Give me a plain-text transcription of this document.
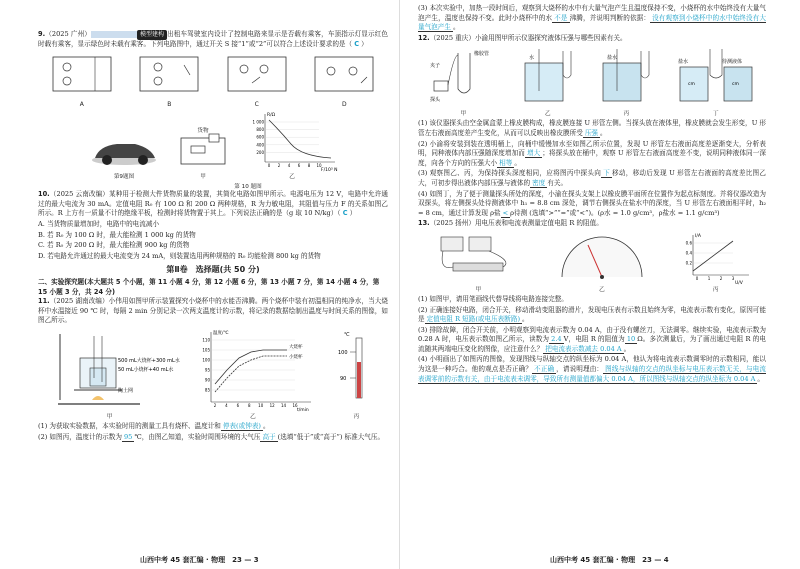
9.（2025 广州）	模型建构 出租车驾驶室内设计了控制电路来显示是否载有乘客，车顶指示灯显示红色时载有乘客，显示绿色时未载有乘客。下列电路图中，通过开关 S 接“1”或“2”可以符合上述设计要求的是（ C ）

A	B	C	D
第9题图
货物
甲
R/Ω
F/10³ N
1 000
800
600
400
200
0 2 4 6 8 10
乙
第 10 题图

10.（2025 云南改编）某种用于检测大件货物质量的装置，其简化电路如图甲所示。电源电压为 12 V，电路中允许通过的最大电流为 30 mA。定值电阻 R₀ 有 100 Ω 和 200 Ω 两种规格，R 为力敏电阻，其阻值与压力 F 的关系如图乙所示。R 上方有一质量不计的绝缘平板，检测时将货物置于其上。下列说法正确的是（g 取 10 N/kg）（ C ）

A. 当货物质量增加时，电路中的电流减小

B. 若 R₀ 为 100 Ω 时，最大能检测 1 000 kg 的货物

C. 若 R₀ 为 200 Ω 时，最大能检测 900 kg 的货物

D. 若电路允许通过的最大电流变为 24 mA，则装置选用两种规格的 R₀ 均能检测 800 kg 的货物

第Ⅱ卷　选择题(共 50 分)
二、实验探究题(本大题共 5 个小题，第 11 小题 4 分，第 12 小题 6 分，第 13 小题 7 分，第 14 小题 4 分，第 15 小题 3 分，共 24 分)

11.（2025 湖南改编）小伟用如图甲所示装置探究小烧杯中的水能否沸腾。两个烧杯中装有初温相同的纯净水，当大烧杯中水温接近 90 ℃ 时，每隔 2 min 分别记录一次两支温度计的示数，将记录的数据绘制出温度与时间关系的图像，如图乙所示。

500 mL大烧杯+300 mL水
50 mL小烧杯+40 mL水
陶土网
甲
温度/℃
t/min
110
105
100
95
90
85
2 4 6 8 10 12 14 16
大烧杯
小烧杯
乙
℃
100
90
丙

(1) 为获取实验数据，本实验时用的测量工具有烧杯、温度计和 停表(或钟表) 。

(2) 如图丙，温度计的示数为 95 ℃，由图乙知道，实验时周围环境的大气压 高于 (选填“低于”或“高于”) 标准大气压。

山西中考 45 套汇编 · 物理　23 — 3

(3) 本次实验中，加热一段时间后，观察到大烧杯的水中有大量气泡产生且温度保持不变，小烧杯的水中始终没有大量气泡产生，温度也保持不变。此时小烧杯中的水 不是 沸腾，并说明判断的依据： 没有观察到小烧杯中的水中始终没有大量气泡产生 。

12.（2025 重庆）小渝用图甲所示仪器探究液体压强与哪些因素有关。

橡胶管
夹子
探头
甲
水
乙
盐水
丙
盐水	待测液体
cm	cm
丁

(1) 该仪器探头由空金属盒蒙上橡皮膜构成，橡皮膜连接 U 形管左侧。当探头放在液体里，橡皮膜就会发生形变，U 形管左右液面高度差产生变化，从而可以反映出橡皮膜所受 压强 。

(2) 小渝将安装到装在透明桶上，向桶中缓慢加水至如图乙所示位置，发现 U 形管左右液面高度差逐渐变大，分析表明，同种液体内部压强随深度增加而 增大 ；将探头放在桶中，观察 U 形管左右液面高度差不变，说明同种液体同一深度，向各个方向的压强大小 相等 。

(3) 观察图乙、丙，为保持探头深度相同，应将图丙中探头向 下 移动，移动后发现 U 形管左右液面的高度差比图乙大，可初步得出液体内部压强与液体的 密度 有关。

(4) 如图丁，为了便于测量探头所处的深度，小渝在探头支架上以橡皮膜平面所在位置作为起点标刻度。并将仪器改造为双探头，将左侧探头处待测液体中 h₁ = 8.8 cm 深处，调节右侧探头在盐水中的深度，当 U 形管左右液面相平时，h₂ = 8 cm，通过计算发现 ρ盐 < ρ待测 (选填“>”“=”或“<”)。(ρ水 = 1.0 g/cm³，ρ盐水 = 1.1 g/cm³)

13.（2025 扬州）用电压表和电流表测量定值电阻 R 的阻值。

甲	乙
I/A
U/V
0.6
0.4
0.2
0 1 2 3
丙

(1) 如图甲，请用笔画线代替导线将电路连接完整。

(2) 正确连接好电路，闭合开关，移动滑动变阻器的滑片，发现电压表有示数且始终为零，电流表示数有变化，原因可能是 定值电阻 R 短路(或电压表断路) 。

(3) 排除故障，闭合开关前，小明观察到电流表示数为 0.04 A，由于没有螺丝刀，无法调零。继续实验，电流表示数为 0.28 A 时，电压表示数如图乙所示，读数为 2.4 V，电阻 R 的阻值为 10 Ω。多次测量后，为了画出通过电阻 R 的电流随其两端电压变化的图像，应注意什么？ 把电流表示数减去 0.04 A 。

(4) 小明画出了如图丙的图像，发现图线与纵轴交点的纵坐标为 0.04 A，他认为将电流表示数调零时的示数相同，能以为这是一种巧合。他的观点是否正确？ 不正确 ，请说明理由： 图线与纵轴的交点的纵坐标与电压表示数无关，与电流表调零前的示数有关，由于电流表未调零，导致所有测量值都偏大 0.04 A，所以图线与纵轴交点的纵坐标为 0.04 A 。

山西中考 45 套汇编 · 物理　23 — 4
